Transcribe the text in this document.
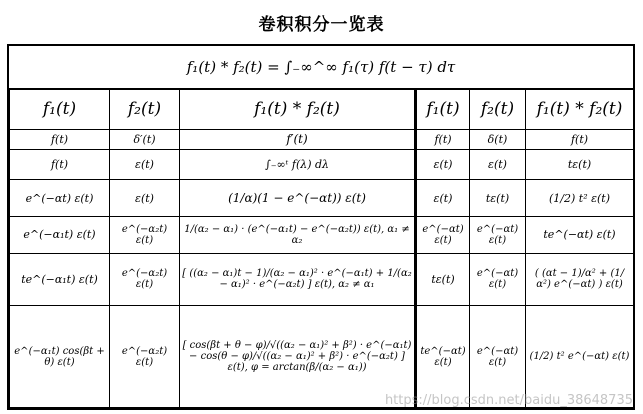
卷积积分一览表
f₁(t) * f₂(t) = ∫₋∞^∞ f₁(τ) f(t − τ) dτ
f₁(t)	f₂(t)	f₁(t) * f₂(t)	f₁(t)	f₂(t)	f₁(t) * f₂(t)
f(t)	δ′(t)	f′(t)	f(t)	δ(t)	f(t)
f(t)	ε(t)	∫₋∞ᵗ f(λ) dλ	ε(t)	ε(t)	tε(t)
e^(−αt) ε(t)	ε(t)	(1/α)(1 − e^(−αt)) ε(t)	ε(t)	tε(t)	(1/2) t² ε(t)
e^(−α₁t) ε(t)	e^(−α₂t) ε(t)	1/(α₂ − α₁) · (e^(−α₁t) − e^(−α₂t)) ε(t), α₁ ≠ α₂	e^(−αt) ε(t)	e^(−αt) ε(t)	te^(−αt) ε(t)
te^(−α₁t) ε(t)	e^(−α₂t) ε(t)	[ ((α₂ − α₁)t − 1)/(α₂ − α₁)² · e^(−α₁t) + 1/(α₂ − α₁)² · e^(−α₂t) ] ε(t), α₂ ≠ α₁	tε(t)	e^(−αt) ε(t)	( (αt − 1)/α² + (1/α²) e^(−αt) ) ε(t)
e^(−α₁t) cos(βt + θ) ε(t)	e^(−α₂t) ε(t)	[ cos(βt + θ − φ)/√((α₂ − α₁)² + β²) · e^(−α₁t) − cos(θ − φ)/√((α₂ − α₁)² + β²) · e^(−α₂t) ] ε(t), φ = arctan(β/(α₂ − α₁))	te^(−αt) ε(t)	e^(−αt) ε(t)	(1/2) t² e^(−αt) ε(t)
https://blog.csdn.net/baidu_38648735
